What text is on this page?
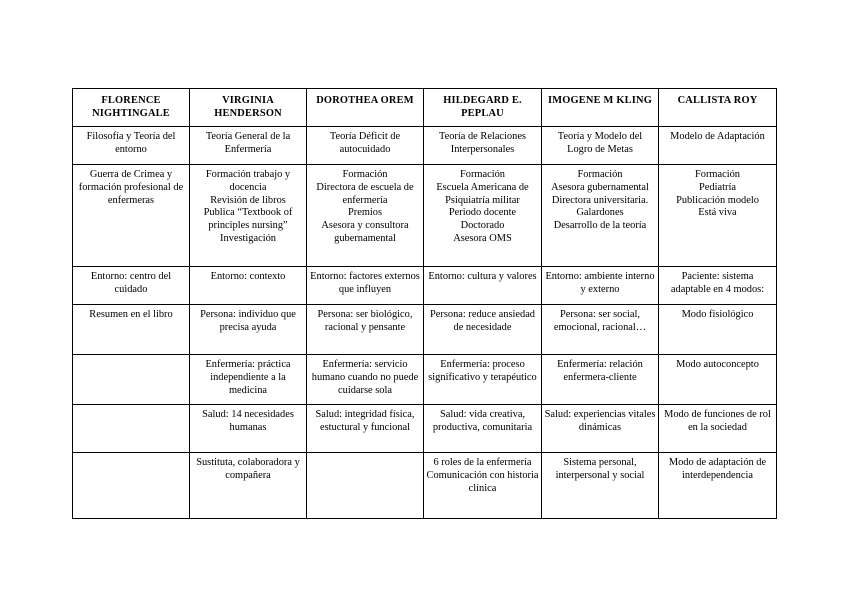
FLORENCE NIGHTINGALE	VIRGINIA HENDERSON	DOROTHEA OREM	HILDEGARD E. PEPLAU	IMOGENE M KLING	CALLISTA ROY

Filosofía y Teoría del entorno	Teoría General de la Enfermería	Teoría Déficit de autocuidado	Teoría de Relaciones Interpersonales	Teoría y Modelo del Logro de Metas	Modelo de Adaptación

Guerra de Crimea y formación profesional de enfermeras	Formación trabajo y docencia
Revisión de libros
Publica “Textbook of principles nursing”
Investigación	Formación
Directora de escuela de enfermería
Premios
Asesora y consultora gubernamental	Formación
Escuela Americana de Psiquiatría militar
Periodo docente
Doctorado
Asesora OMS	Formación
Asesora gubernamental
Directora universitaria.
Galardones
Desarrollo de la teoría	Formación
Pediatría
Publicación modelo
Está viva

Entorno: centro del cuidado	Entorno: contexto	Entorno: factores externos que influyen	Entorno: cultura y valores	Entorno: ambiente interno y externo	Paciente: sistema adaptable en 4 modos:

Resumen en el libro	Persona: individuo que precisa ayuda	Persona: ser biológico, racional y pensante	Persona: reduce ansiedad de necesidade	Persona: ser social, emocional, racional…	Modo fisiológico

	Enfermería: práctica independiente a la medicina	Enfermería: servicio humano cuando no puede cuidarse sola	Enfermería: proceso significativo y terapéutico	Enfermería: relación enfermera-cliente	Modo autoconcepto

	Salud: 14 necesidades humanas	Salud: integridad física, estuctural y funcional	Salud: vida creativa, productiva, comunitaria	Salud: experiencias vitales dinámicas	Modo de funciones de rol en la sociedad

	Sustituta, colaboradora y compañera		6 roles de la enfermería
Comunicación con historia clínica	Sistema personal, interpersonal y social	Modo de adaptación de interdependencia
